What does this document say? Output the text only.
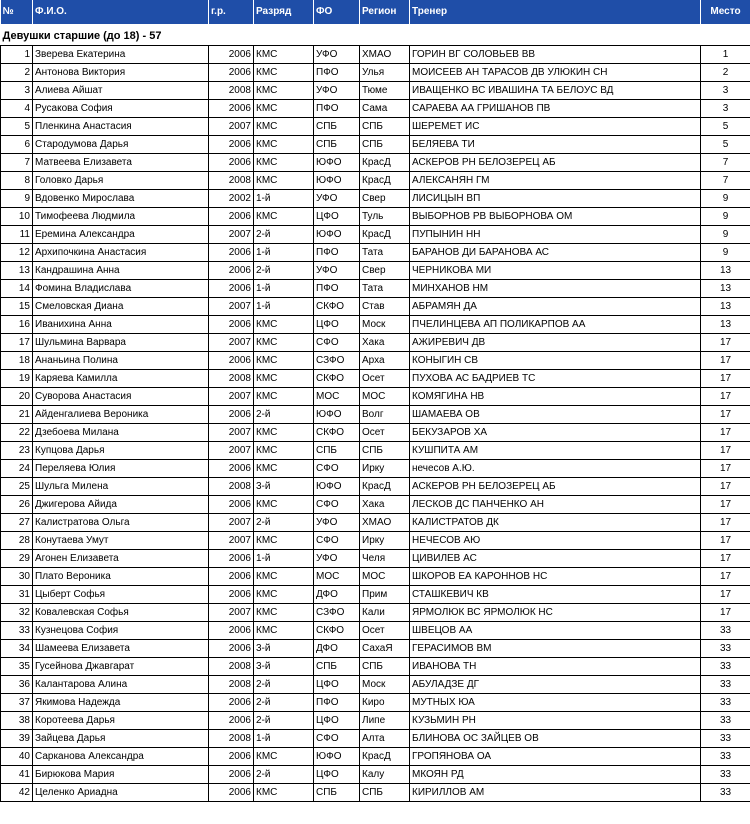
№	Ф.И.О.	г.р.	Разряд	ФО	Регион	Тренер	Место

Девушки старшие (до 18) - 57							
1	Зверева Екатерина	2006	КМС	УФО	ХМАО	ГОРИН ВГ СОЛОВЬЕВ ВВ	1
2	Антонова Виктория	2006	КМС	ПФО	Улья	МОИСЕЕВ АН ТАРАСОВ ДВ УЛЮКИН СН	2
3	Алиева Айшат	2008	КМС	УФО	Тюме	ИВАЩЕНКО ВС ИВАШИНА ТА БЕЛОУС ВД	3
4	Русакова София	2006	КМС	ПФО	Сама	САРАЕВА АА ГРИШАНОВ ПВ	3
5	Пленкина Анастасия	2007	КМС	СПБ	СПБ	ШЕРЕМЕТ ИС	5
6	Стародумова Дарья	2006	КМС	СПБ	СПБ	БЕЛЯЕВА ТИ	5
7	Матвеева Елизавета	2006	КМС	ЮФО	КрасД	АСКЕРОВ РН БЕЛОЗЕРЕЦ АБ	7
8	Головко Дарья	2008	КМС	ЮФО	КрасД	АЛЕКСАНЯН ГМ	7
9	Вдовенко Мирослава	2002	1-й	УФО	Свер	ЛИСИЦЫН ВП	9
10	Тимофеева Людмила	2006	КМС	ЦФО	Туль	ВЫБОРНОВ РВ ВЫБОРНОВА ОМ	9
11	Еремина Александра	2007	2-й	ЮФО	КрасД	ПУПЫНИН НН	9
12	Архипочкина Анастасия	2006	1-й	ПФО	Тата	БАРАНОВ ДИ БАРАНОВА АС	9
13	Кандрашина Анна	2006	2-й	УФО	Свер	ЧЕРНИКОВА МИ	13
14	Фомина Владислава	2006	1-й	ПФО	Тата	МИНХАНОВ НМ	13
15	Смеловская Диана	2007	1-й	СКФО	Став	АБРАМЯН ДА	13
16	Иванихина Анна	2006	КМС	ЦФО	Моск	ПЧЕЛИНЦЕВА АП ПОЛИКАРПОВ АА	13
17	Шульмина Варвара	2007	КМС	СФО	Хака	АЖИРЕВИЧ ДВ	17
18	Ананьина Полина	2006	КМС	СЗФО	Арха	КОНЫГИН СВ	17
19	Каряева Камилла	2008	КМС	СКФО	Осет	ПУХОВА АС БАДРИЕВ ТС	17
20	Суворова Анастасия	2007	КМС	МОС	МОС	КОМЯГИНА НВ	17
21	Айденгалиева Вероника	2006	2-й	ЮФО	Волг	ШАМАЕВА ОВ	17
22	Дзебоева Милана	2007	КМС	СКФО	Осет	БЕКУЗАРОВ ХА	17
23	Купцова Дарья	2007	КМС	СПБ	СПБ	КУШПИТА АМ	17
24	Переляева Юлия	2006	КМС	СФО	Ирку	нечесов А.Ю.	17
25	Шульга Милена	2008	3-й	ЮФО	КрасД	АСКЕРОВ РН БЕЛОЗЕРЕЦ АБ	17
26	Джигерова Айида	2006	КМС	СФО	Хака	ЛЕСКОВ ДС ПАНЧЕНКО АН	17
27	Калистратова Ольга	2007	2-й	УФО	ХМАО	КАЛИСТРАТОВ ДК	17
28	Конутаева Умут	2007	КМС	СФО	Ирку	НЕЧЕСОВ АЮ	17
29	Агонен Елизавета	2006	1-й	УФО	Челя	ЦИВИЛЕВ АС	17
30	Плато Вероника	2006	КМС	МОС	МОС	ШКОРОВ ЕА КАРОННОВ НС	17
31	Цыберт Софья	2006	КМС	ДФО	Прим	СТАШКЕВИЧ КВ	17
32	Ковалевская Софья	2007	КМС	СЗФО	Кали	ЯРМОЛЮК ВС ЯРМОЛЮК НС	17
33	Кузнецова София	2006	КМС	СКФО	Осет	ШВЕЦОВ АА	33
34	Шамеева Елизавета	2006	3-й	ДФО	СахаЯ	ГЕРАСИМОВ ВМ	33
35	Гусейнова Джавгарат	2008	3-й	СПБ	СПБ	ИВАНОВА ТН	33
36	Калантарова Алина	2008	2-й	ЦФО	Моск	АБУЛАДЗЕ ДГ	33
37	Якимова Надежда	2006	2-й	ПФО	Киро	МУТНЫХ ЮА	33
38	Коротеева Дарья	2006	2-й	ЦФО	Липе	КУЗЬМИН РН	33
39	Зайцева Дарья	2008	1-й	СФО	Алта	БЛИНОВА ОС ЗАЙЦЕВ ОВ	33
40	Сарканова Александра	2006	КМС	ЮФО	КрасД	ГРОПЯНОВА ОА	33
41	Бирюкова Мария	2006	2-й	ЦФО	Калу	МКОЯН РД	33
42	Целенко Ариадна	2006	КМС	СПБ	СПБ	КИРИЛЛОВ АМ	33
